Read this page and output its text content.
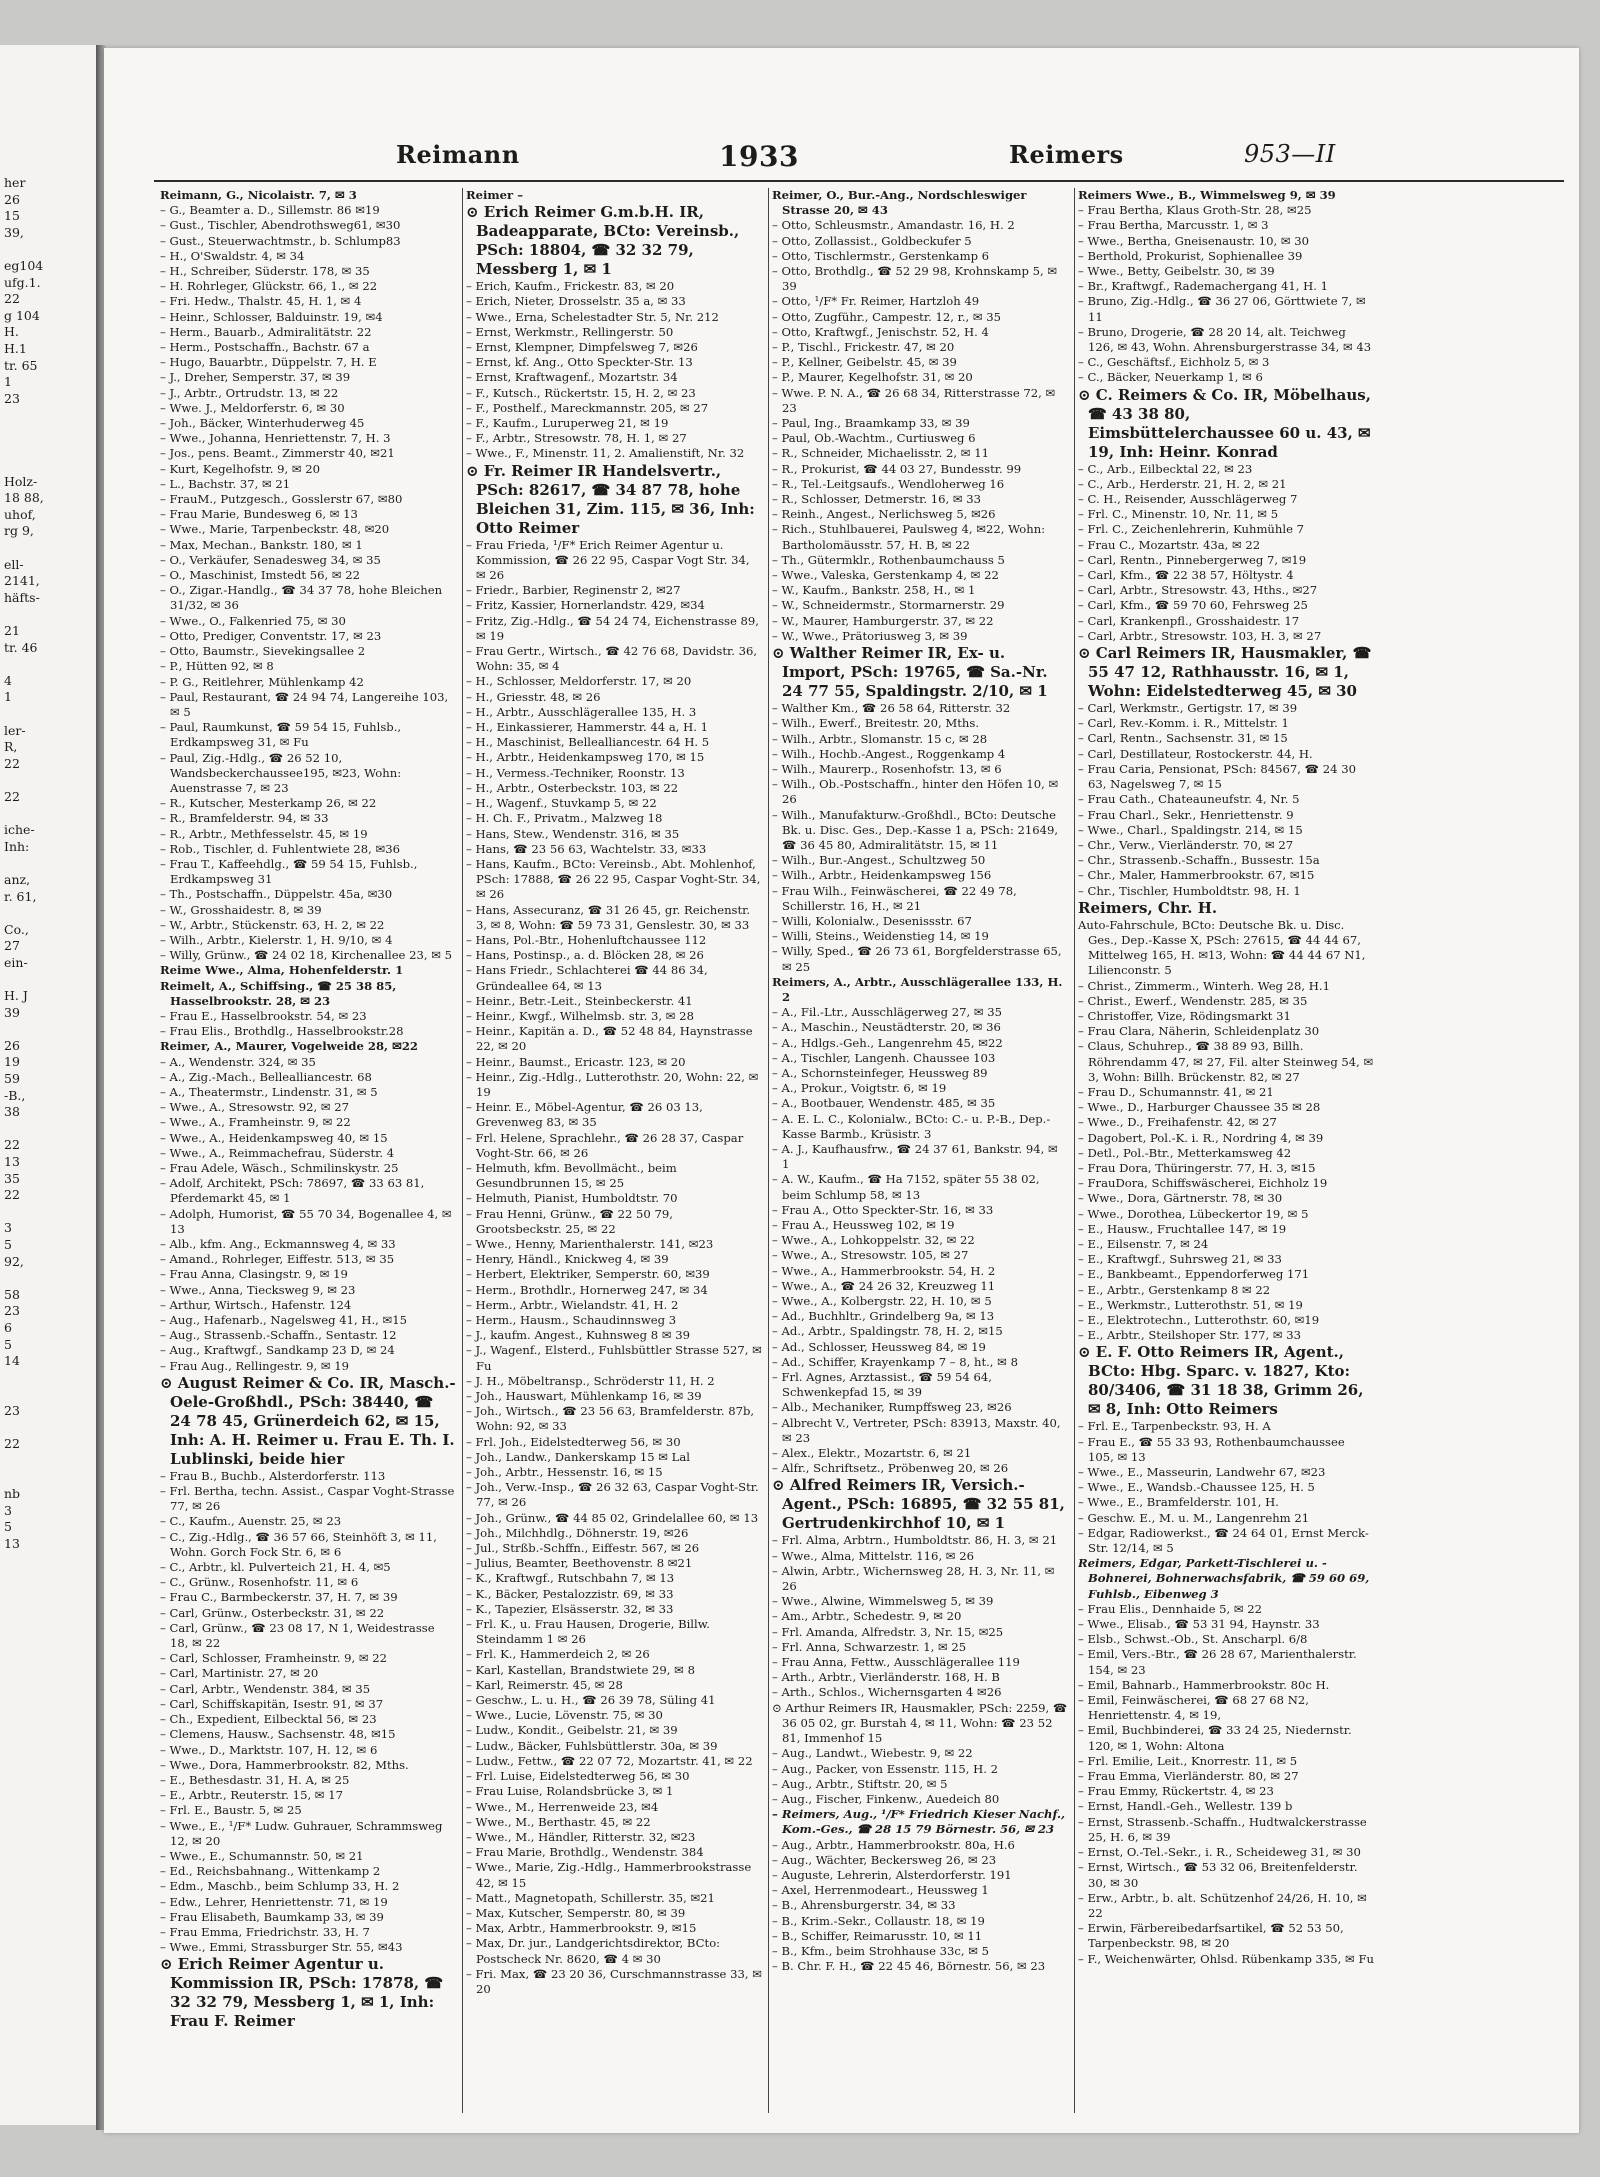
her
26
15
39,

eg104
ufg.1.
22
g 104
H.
H.1
tr. 65
1
23

Holz-
18 88,
uhof,
rg 9,

ell-
2141,
häfts-

21
tr. 46

4
1

ler-
R,
22

22

iche-
Inh:

anz,
r. 61,

Co.,
27
ein-

H. J
39

26
19
59
-B.,
38

22
13
35
22

3
5
92,

58
23
6
5
14

23

22

nb
3
5
13
Reimann	1933	Reimers	953—II

Reimann, G., Nicolaistr. 7, ✉ 3

– G., Beamter a. D., Sillemstr. 86 ✉19

– Gust., Tischler, Abendrothsweg61, ✉30

– Gust., Steuerwachtmstr., b. Schlump83

– H., O'Swaldstr. 4, ✉ 34

– H., Schreiber, Süderstr. 178, ✉ 35

– H. Rohrleger, Glückstr. 66, 1., ✉ 22

– Fri. Hedw., Thalstr. 45, H. 1, ✉ 4

– Heinr., Schlosser, Balduinstr. 19, ✉4

– Herm., Bauarb., Admiralitätstr. 22

– Herm., Postschaffn., Bachstr. 67 a

– Hugo, Bauarbtr., Düppelstr. 7, H. E

– J., Dreher, Semperstr. 37, ✉ 39

– J., Arbtr., Ortrudstr. 13, ✉ 22

– Wwe. J., Meldorferstr. 6, ✉ 30

– Joh., Bäcker, Winterhuderweg 45

– Wwe., Johanna, Henriettenstr. 7, H. 3

– Jos., pens. Beamt., Zimmerstr 40, ✉21

– Kurt, Kegelhofstr. 9, ✉ 20

– L., Bachstr. 37, ✉ 21

– FrauM., Putzgesch., Gosslerstr 67, ✉80

– Frau Marie, Bundesweg 6, ✉ 13

– Wwe., Marie, Tarpenbeckstr. 48, ✉20

– Max, Mechan., Bankstr. 180, ✉ 1

– O., Verkäufer, Senadesweg 34, ✉ 35

– O., Maschinist, Imstedt 56, ✉ 22

– O., Zigar.-Handlg., ☎ 34 37 78, hohe Bleichen 31/32, ✉ 36

– Wwe., O., Falkenried 75, ✉ 30

– Otto, Prediger, Conventstr. 17, ✉ 23

– Otto, Baumstr., Sievekingsallee 2

– P., Hütten 92, ✉ 8

– P. G., Reitlehrer, Mühlenkamp 42

– Paul, Restaurant, ☎ 24 94 74, Langereihe 103, ✉ 5

– Paul, Raumkunst, ☎ 59 54 15, Fuhlsb., Erdkampsweg 31, ✉ Fu

– Paul, Zig.-Hdlg., ☎ 26 52 10, Wandsbeckerchaussee195, ✉23, Wohn: Auenstrasse 7, ✉ 23

– R., Kutscher, Mesterkamp 26, ✉ 22

– R., Bramfelderstr. 94, ✉ 33

– R., Arbtr., Methfesselstr. 45, ✉ 19

– Rob., Tischler, d. Fuhlentwiete 28, ✉36

– Frau T., Kaffeehdlg., ☎ 59 54 15, Fuhlsb., Erdkampsweg 31

– Th., Postschaffn., Düppelstr. 45a, ✉30

– W., Grosshaidestr. 8, ✉ 39

– W., Arbtr., Stückenstr. 63, H. 2, ✉ 22

– Wilh., Arbtr., Kielerstr. 1, H. 9/10, ✉ 4

– Willy, Grünw., ☎ 24 02 18, Kirchenallee 23, ✉ 5

Reime Wwe., Alma, Hohenfelderstr. 1

Reimelt, A., Schiffsing., ☎ 25 38 85, Hasselbrookstr. 28, ✉ 23

– Frau E., Hasselbrookstr. 54, ✉ 23

– Frau Elis., Brothdlg., Hasselbrookstr.28

Reimer, A., Maurer, Vogelweide 28, ✉22

– A., Wendenstr. 324, ✉ 35

– A., Zig.-Mach., Bellealliancestr. 68

– A., Theatermstr., Lindenstr. 31, ✉ 5

– Wwe., A., Stresowstr. 92, ✉ 27

– Wwe., A., Framheinstr. 9, ✉ 22

– Wwe., A., Heidenkampsweg 40, ✉ 15

– Wwe., A., Reimmachefrau, Süderstr. 4

– Frau Adele, Wäsch., Schmilinskystr. 25

– Adolf, Architekt, PSch: 78697, ☎ 33 63 81, Pferdemarkt 45, ✉ 1

– Adolph, Humorist, ☎ 55 70 34, Bogenallee 4, ✉ 13

– Alb., kfm. Ang., Eckmannsweg 4, ✉ 33

– Amand., Rohrleger, Eiffestr. 513, ✉ 35

– Frau Anna, Clasingstr. 9, ✉ 19

– Wwe., Anna, Tiecksweg 9, ✉ 23

– Arthur, Wirtsch., Hafenstr. 124

– Aug., Hafenarb., Nagelsweg 41, H., ✉15

– Aug., Strassenb.-Schaffn., Sentastr. 12

– Aug., Kraftwgf., Sandkamp 23 D, ✉ 24

– Frau Aug., Rellingestr. 9, ✉ 19

⊙ August Reimer & Co. IR, Masch.-Oele-Großhdl., PSch: 38440, ☎ 24 78 45, Grünerdeich 62, ✉ 15, Inh: A. H. Reimer u. Frau E. Th. I. Lublinski, beide hier

– Frau B., Buchb., Alsterdorferstr. 113

– Frl. Bertha, techn. Assist., Caspar Voght-Strasse 77, ✉ 26

– C., Kaufm., Auenstr. 25, ✉ 23

– C., Zig.-Hdlg., ☎ 36 57 66, Steinhöft 3, ✉ 11, Wohn. Gorch Fock Str. 6, ✉ 6

– C., Arbtr., kl. Pulverteich 21, H. 4, ✉5

– C., Grünw., Rosenhofstr. 11, ✉ 6

– Frau C., Barmbeckerstr. 37, H. 7, ✉ 39

– Carl, Grünw., Osterbeckstr. 31, ✉ 22

– Carl, Grünw., ☎ 23 08 17, N 1, Weidestrasse 18, ✉ 22

– Carl, Schlosser, Framheinstr. 9, ✉ 22

– Carl, Martinistr. 27, ✉ 20

– Carl, Arbtr., Wendenstr. 384, ✉ 35

– Carl, Schiffskapitän, Isestr. 91, ✉ 37

– Ch., Expedient, Eilbecktal 56, ✉ 23

– Clemens, Hausw., Sachsenstr. 48, ✉15

– Wwe., D., Marktstr. 107, H. 12, ✉ 6

– Wwe., Dora, Hammerbrookstr. 82, Mths.

– E., Bethesdastr. 31, H. A, ✉ 25

– E., Arbtr., Reuterstr. 15, ✉ 17

– Frl. E., Baustr. 5, ✉ 25

– Wwe., E., ¹/F* Ludw. Guhrauer, Schrammsweg 12, ✉ 20

– Wwe., E., Schumannstr. 50, ✉ 21

– Ed., Reichsbahnang., Wittenkamp 2

– Edm., Maschb., beim Schlump 33, H. 2

– Edw., Lehrer, Henriettenstr. 71, ✉ 19

– Frau Elisabeth, Baumkamp 33, ✉ 39

– Frau Emma, Friedrichstr. 33, H. 7

– Wwe., Emmi, Strassburger Str. 55, ✉43

⊙ Erich Reimer Agentur u. Kommission IR, PSch: 17878, ☎ 32 32 79, Messberg 1, ✉ 1, Inh: Frau F. Reimer

Reimer –

⊙ Erich Reimer G.m.b.H. IR, Badeapparate, BCto: Vereinsb., PSch: 18804, ☎ 32 32 79, Messberg 1, ✉ 1

– Erich, Kaufm., Frickestr. 83, ✉ 20

– Erich, Nieter, Drosselstr. 35 a, ✉ 33

– Wwe., Erna, Schelestadter Str. 5, Nr. 212

– Ernst, Werkmstr., Rellingerstr. 50

– Ernst, Klempner, Dimpfelsweg 7, ✉26

– Ernst, kf. Ang., Otto Speckter-Str. 13

– Ernst, Kraftwagenf., Mozartstr. 34

– F., Kutsch., Rückertstr. 15, H. 2, ✉ 23

– F., Posthelf., Mareckmannstr. 205, ✉ 27

– F., Kaufm., Luruperweg 21, ✉ 19

– F., Arbtr., Stresowstr. 78, H. 1, ✉ 27

– Wwe., F., Minenstr. 11, 2. Amalienstift, Nr. 32

⊙ Fr. Reimer IR Handelsvertr., PSch: 82617, ☎ 34 87 78, hohe Bleichen 31, Zim. 115, ✉ 36, Inh: Otto Reimer

– Frau Frieda, ¹/F* Erich Reimer Agentur u. Kommission, ☎ 26 22 95, Caspar Vogt Str. 34, ✉ 26

– Friedr., Barbier, Reginenstr 2, ✉27

– Fritz, Kassier, Hornerlandstr. 429, ✉34

– Fritz, Zig.-Hdlg., ☎ 54 24 74, Eichenstrasse 89, ✉ 19

– Frau Gertr., Wirtsch., ☎ 42 76 68, Davidstr. 36, Wohn: 35, ✉ 4

– H., Schlosser, Meldorferstr. 17, ✉ 20

– H., Griesstr. 48, ✉ 26

– H., Arbtr., Ausschlägerallee 135, H. 3

– H., Einkassierer, Hammerstr. 44 a, H. 1

– H., Maschinist, Bellealliancestr. 64 H. 5

– H., Arbtr., Heidenkampsweg 170, ✉ 15

– H., Vermess.-Techniker, Roonstr. 13

– H., Arbtr., Osterbeckstr. 103, ✉ 22

– H., Wagenf., Stuvkamp 5, ✉ 22

– H. Ch. F., Privatm., Malzweg 18

– Hans, Stew., Wendenstr. 316, ✉ 35

– Hans, ☎ 23 56 63, Wachtelstr. 33, ✉33

– Hans, Kaufm., BCto: Vereinsb., Abt. Mohlenhof, PSch: 17888, ☎ 26 22 95, Caspar Voght-Str. 34, ✉ 26

– Hans, Assecuranz, ☎ 31 26 45, gr. Reichenstr. 3, ✉ 8, Wohn: ☎ 59 73 31, Genslestr. 30, ✉ 33

– Hans, Pol.-Btr., Hohenluftchaussee 112

– Hans, Postinsp., a. d. Blöcken 28, ✉ 26

– Hans Friedr., Schlachterei ☎ 44 86 34, Gründeallee 64, ✉ 13

– Heinr., Betr.-Leit., Steinbeckerstr. 41

– Heinr., Kwgf., Wilhelmsb. str. 3, ✉ 28

– Heinr., Kapitän a. D., ☎ 52 48 84, Haynstrasse 22, ✉ 20

– Heinr., Baumst., Ericastr. 123, ✉ 20

– Heinr., Zig.-Hdlg., Lutterothstr. 20, Wohn: 22, ✉ 19

– Heinr. E., Möbel-Agentur, ☎ 26 03 13, Grevenweg 83, ✉ 35

– Frl. Helene, Sprachlehr., ☎ 26 28 37, Caspar Voght-Str. 66, ✉ 26

– Helmuth, kfm. Bevollmächt., beim Gesundbrunnen 15, ✉ 25

– Helmuth, Pianist, Humboldtstr. 70

– Frau Henni, Grünw., ☎ 22 50 79, Grootsbeckstr. 25, ✉ 22

– Wwe., Henny, Marienthalerstr. 141, ✉23

– Henry, Händl., Knickweg 4, ✉ 39

– Herbert, Elektriker, Semperstr. 60, ✉39

– Herm., Brothdlr., Hornerweg 247, ✉ 34

– Herm., Arbtr., Wielandstr. 41, H. 2

– Herm., Hausm., Schaudinnsweg 3

– J., kaufm. Angest., Kuhnsweg 8 ✉ 39

– J., Wagenf., Elsterd., Fuhlsbüttler Strasse 527, ✉ Fu

– J. H., Möbeltransp., Schröderstr 11, H. 2

– Joh., Hauswart, Mühlenkamp 16, ✉ 39

– Joh., Wirtsch., ☎ 23 56 63, Bramfelderstr. 87b, Wohn: 92, ✉ 33

– Frl. Joh., Eidelstedterweg 56, ✉ 30

– Joh., Landw., Dankerskamp 15 ✉ Lal

– Joh., Arbtr., Hessenstr. 16, ✉ 15

– Joh., Verw.-Insp., ☎ 26 32 63, Caspar Voght-Str. 77, ✉ 26

– Joh., Grünw., ☎ 44 85 02, Grindelallee 60, ✉ 13

– Joh., Milchhdlg., Döhnerstr. 19, ✉26

– Jul., Strßb.-Schffn., Eiffestr. 567, ✉ 26

– Julius, Beamter, Beethovenstr. 8 ✉21

– K., Kraftwgf., Rutschbahn 7, ✉ 13

– K., Bäcker, Pestalozzistr. 69, ✉ 33

– K., Tapezier, Elsässerstr. 32, ✉ 33

– Frl. K., u. Frau Hausen, Drogerie, Billw. Steindamm 1 ✉ 26

– Frl. K., Hammerdeich 2, ✉ 26

– Karl, Kastellan, Brandstwiete 29, ✉ 8

– Karl, Reimerstr. 45, ✉ 28

– Geschw., L. u. H., ☎ 26 39 78, Süling 41

– Wwe., Lucie, Lövenstr. 75, ✉ 30

– Ludw., Kondit., Geibelstr. 21, ✉ 39

– Ludw., Bäcker, Fuhlsbüttlerstr. 30a, ✉ 39

– Ludw., Fettw., ☎ 22 07 72, Mozartstr. 41, ✉ 22

– Frl. Luise, Eidelstedterweg 56, ✉ 30

– Frau Luise, Rolandsbrücke 3, ✉ 1

– Wwe., M., Herrenweide 23, ✉4

– Wwe., M., Berthastr. 45, ✉ 22

– Wwe., M., Händler, Ritterstr. 32, ✉23

– Frau Marie, Brothdlg., Wendenstr. 384

– Wwe., Marie, Zig.-Hdlg., Hammerbrookstrasse 42, ✉ 15

– Matt., Magnetopath, Schillerstr. 35, ✉21

– Max, Kutscher, Semperstr. 80, ✉ 39

– Max, Arbtr., Hammerbrookstr. 9, ✉15

– Max, Dr. jur., Landgerichtsdirektor, BCto: Postscheck Nr. 8620, ☎ 4 ✉ 30

– Fri. Max, ☎ 23 20 36, Curschmannstrasse 33, ✉ 20

Reimer, O., Bur.-Ang., Nordschleswiger Strasse 20, ✉ 43

– Otto, Schleusmstr., Amandastr. 16, H. 2

– Otto, Zollassist., Goldbeckufer 5

– Otto, Tischlermstr., Gerstenkamp 6

– Otto, Brothdlg., ☎ 52 29 98, Krohnskamp 5, ✉ 39

– Otto, ¹/F* Fr. Reimer, Hartzloh 49

– Otto, Zugführ., Campestr. 12, r., ✉ 35

– Otto, Kraftwgf., Jenischstr. 52, H. 4

– P., Tischl., Frickestr. 47, ✉ 20

– P., Kellner, Geibelstr. 45, ✉ 39

– P., Maurer, Kegelhofstr. 31, ✉ 20

– Wwe. P. N. A., ☎ 26 68 34, Ritterstrasse 72, ✉ 23

– Paul, Ing., Braamkamp 33, ✉ 39

– Paul, Ob.-Wachtm., Curtiusweg 6

– R., Schneider, Michaelisstr. 2, ✉ 11

– R., Prokurist, ☎ 44 03 27, Bundesstr. 99

– R., Tel.-Leitgsaufs., Wendloherweg 16

– R., Schlosser, Detmerstr. 16, ✉ 33

– Reinh., Angest., Nerlichsweg 5, ✉26

– Rich., Stuhlbauerei, Paulsweg 4, ✉22, Wohn: Bartholomäusstr. 57, H. B, ✉ 22

– Th., Gütermklr., Rothenbaumchauss 5

– Wwe., Valeska, Gerstenkamp 4, ✉ 22

– W., Kaufm., Bankstr. 258, H., ✉ 1

– W., Schneidermstr., Stormarnerstr. 29

– W., Maurer, Hamburgerstr. 37, ✉ 22

– W., Wwe., Prätoriusweg 3, ✉ 39

⊙ Walther Reimer IR, Ex- u. Import, PSch: 19765, ☎ Sa.-Nr. 24 77 55, Spaldingstr. 2/10, ✉ 1

– Walther Km., ☎ 26 58 64, Ritterstr. 32

– Wilh., Ewerf., Breitestr. 20, Mths.

– Wilh., Arbtr., Slomanstr. 15 c, ✉ 28

– Wilh., Hochb.-Angest., Roggenkamp 4

– Wilh., Maurerp., Rosenhofstr. 13, ✉ 6

– Wilh., Ob.-Postschaffn., hinter den Höfen 10, ✉ 26

– Wilh., Manufakturw.-Großhdl., BCto: Deutsche Bk. u. Disc. Ges., Dep.-Kasse 1 a, PSch: 21649, ☎ 36 45 80, Admiralitätstr. 15, ✉ 11

– Wilh., Bur.-Angest., Schultzweg 50

– Wilh., Arbtr., Heidenkampsweg 156

– Frau Wilh., Feinwäscherei, ☎ 22 49 78, Schillerstr. 16, H., ✉ 21

– Willi, Kolonialw., Desenissstr. 67

– Willi, Steins., Weidenstieg 14, ✉ 19

– Willy, Sped., ☎ 26 73 61, Borgfelderstrasse 65, ✉ 25

Reimers, A., Arbtr., Ausschlägerallee 133, H. 2

– A., Fil.-Ltr., Ausschlägerweg 27, ✉ 35

– A., Maschin., Neustädterstr. 20, ✉ 36

– A., Hdlgs.-Geh., Langenrehm 45, ✉22

– A., Tischler, Langenh. Chaussee 103

– A., Schornsteinfeger, Heussweg 89

– A., Prokur., Voigtstr. 6, ✉ 19

– A., Bootbauer, Wendenstr. 485, ✉ 35

– A. E. L. C., Kolonialw., BCto: C.- u. P.-B., Dep.-Kasse Barmb., Krüsistr. 3

– A. J., Kaufhausfrw., ☎ 24 37 61, Bankstr. 94, ✉ 1

– A. W., Kaufm., ☎ Ha 7152, später 55 38 02, beim Schlump 58, ✉ 13

– Frau A., Otto Speckter-Str. 16, ✉ 33

– Frau A., Heussweg 102, ✉ 19

– Wwe., A., Lohkoppelstr. 32, ✉ 22

– Wwe., A., Stresowstr. 105, ✉ 27

– Wwe., A., Hammerbrookstr. 54, H. 2

– Wwe., A., ☎ 24 26 32, Kreuzweg 11

– Wwe., A., Kolbergstr. 22, H. 10, ✉ 5

– Ad., Buchhltr., Grindelberg 9a, ✉ 13

– Ad., Arbtr., Spaldingstr. 78, H. 2, ✉15

– Ad., Schlosser, Heussweg 84, ✉ 19

– Ad., Schiffer, Krayenkamp 7 – 8, ht., ✉ 8

– Frl. Agnes, Arztassist., ☎ 59 54 64, Schwenkepfad 15, ✉ 39

– Alb., Mechaniker, Rumpffsweg 23, ✉26

– Albrecht V., Vertreter, PSch: 83913, Maxstr. 40, ✉ 23

– Alex., Elektr., Mozartstr. 6, ✉ 21

– Alfr., Schriftsetz., Pröbenweg 20, ✉ 26

⊙ Alfred Reimers IR, Versich.-Agent., PSch: 16895, ☎ 32 55 81, Gertrudenkirchhof 10, ✉ 1

– Frl. Alma, Arbtrn., Humboldtstr. 86, H. 3, ✉ 21

– Wwe., Alma, Mittelstr. 116, ✉ 26

– Alwin, Arbtr., Wichernsweg 28, H. 3, Nr. 11, ✉ 26

– Wwe., Alwine, Wimmelsweg 5, ✉ 39

– Am., Arbtr., Schedestr. 9, ✉ 20

– Frl. Amanda, Alfredstr. 3, Nr. 15, ✉25

– Frl. Anna, Schwarzestr. 1, ✉ 25

– Frau Anna, Fettw., Ausschlägerallee 119

– Arth., Arbtr., Vierländerstr. 168, H. B

– Arth., Schlos., Wichernsgarten 4 ✉26

⊙ Arthur Reimers IR, Hausmakler, PSch: 2259, ☎ 36 05 02, gr. Burstah 4, ✉ 11, Wohn: ☎ 23 52 81, Immenhof 15

– Aug., Landwt., Wiebestr. 9, ✉ 22

– Aug., Packer, von Essenstr. 115, H. 2

– Aug., Arbtr., Stiftstr. 20, ✉ 5

– Aug., Fischer, Finkenw., Auedeich 80

– Reimers, Aug., ¹/F* Friedrich Kieser Nachf., Kom.-Ges., ☎ 28 15 79 Börnestr. 56, ✉ 23

– Aug., Arbtr., Hammerbrookstr. 80a, H.6

– Aug., Wächter, Beckersweg 26, ✉ 23

– Auguste, Lehrerin, Alsterdorferstr. 191

– Axel, Herrenmodeart., Heussweg 1

– B., Ahrensburgerstr. 34, ✉ 33

– B., Krim.-Sekr., Collaustr. 18, ✉ 19

– B., Schiffer, Reimarusstr. 10, ✉ 11

– B., Kfm., beim Strohhause 33c, ✉ 5

– B. Chr. F. H., ☎ 22 45 46, Börnestr. 56, ✉ 23

Reimers Wwe., B., Wimmelsweg 9, ✉ 39

– Frau Bertha, Klaus Groth-Str. 28, ✉25

– Frau Bertha, Marcusstr. 1, ✉ 3

– Wwe., Bertha, Gneisenaustr. 10, ✉ 30

– Berthold, Prokurist, Sophienallee 39

– Wwe., Betty, Geibelstr. 30, ✉ 39

– Br., Kraftwgf., Rademachergang 41, H. 1

– Bruno, Zig.-Hdlg., ☎ 36 27 06, Görttwiete 7, ✉ 11

– Bruno, Drogerie, ☎ 28 20 14, alt. Teichweg 126, ✉ 43, Wohn. Ahrensburgerstrasse 34, ✉ 43

– C., Geschäftsf., Eichholz 5, ✉ 3

– C., Bäcker, Neuerkamp 1, ✉ 6

⊙ C. Reimers & Co. IR, Möbelhaus, ☎ 43 38 80, Eimsbüttelerchaussee 60 u. 43, ✉ 19, Inh: Heinr. Konrad

– C., Arb., Eilbecktal 22, ✉ 23

– C., Arb., Herderstr. 21, H. 2, ✉ 21

– C. H., Reisender, Ausschlägerweg 7

– Frl. C., Minenstr. 10, Nr. 11, ✉ 5

– Frl. C., Zeichenlehrerin, Kuhmühle 7

– Frau C., Mozartstr. 43a, ✉ 22

– Carl, Rentn., Pinnebergerweg 7, ✉19

– Carl, Kfm., ☎ 22 38 57, Höltystr. 4

– Carl, Arbtr., Stresowstr. 43, Hths., ✉27

– Carl, Kfm., ☎ 59 70 60, Fehrsweg 25

– Carl, Krankenpfl., Grosshaidestr. 17

– Carl, Arbtr., Stresowstr. 103, H. 3, ✉ 27

⊙ Carl Reimers IR, Hausmakler, ☎ 55 47 12, Rathhausstr. 16, ✉ 1, Wohn: Eidelstedterweg 45, ✉ 30

– Carl, Werkmstr., Gertigstr. 17, ✉ 39

– Carl, Rev.-Komm. i. R., Mittelstr. 1

– Carl, Rentn., Sachsenstr. 31, ✉ 15

– Carl, Destillateur, Rostockerstr. 44, H.

– Frau Caria, Pensionat, PSch: 84567, ☎ 24 30 63, Nagelsweg 7, ✉ 15

– Frau Cath., Chateauneufstr. 4, Nr. 5

– Frau Charl., Sekr., Henriettenstr. 9

– Wwe., Charl., Spaldingstr. 214, ✉ 15

– Chr., Verw., Vierländerstr. 70, ✉ 27

– Chr., Strassenb.-Schaffn., Bussestr. 15a

– Chr., Maler, Hammerbrookstr. 67, ✉15

– Chr., Tischler, Humboldtstr. 98, H. 1

Reimers, Chr. H.

Auto-Fahrschule, BCto: Deutsche Bk. u. Disc. Ges., Dep.-Kasse X, PSch: 27615, ☎ 44 44 67, Mittelweg 165, H. ✉13, Wohn: ☎ 44 44 67 N1, Lilienconstr. 5

– Christ., Zimmerm., Winterh. Weg 28, H.1

– Christ., Ewerf., Wendenstr. 285, ✉ 35

– Christoffer, Vize, Rödingsmarkt 31

– Frau Clara, Näherin, Schleidenplatz 30

– Claus, Schuhrep., ☎ 38 89 93, Billh. Röhrendamm 47, ✉ 27, Fil. alter Steinweg 54, ✉ 3, Wohn: Billh. Brückenstr. 82, ✉ 27

– Frau D., Schumannstr. 41, ✉ 21

– Wwe., D., Harburger Chaussee 35 ✉ 28

– Wwe., D., Freihafenstr. 42, ✉ 27

– Dagobert, Pol.-K. i. R., Nordring 4, ✉ 39

– Detl., Pol.-Btr., Metterkamsweg 42

– Frau Dora, Thüringerstr. 77, H. 3, ✉15

– FrauDora, Schiffswäscherei, Eichholz 19

– Wwe., Dora, Gärtnerstr. 78, ✉ 30

– Wwe., Dorothea, Lübeckertor 19, ✉ 5

– E., Hausw., Fruchtallee 147, ✉ 19

– E., Eilsenstr. 7, ✉ 24

– E., Kraftwgf., Suhrsweg 21, ✉ 33

– E., Bankbeamt., Eppendorferweg 171

– E., Arbtr., Gerstenkamp 8 ✉ 22

– E., Werkmstr., Lutterothstr. 51, ✉ 19

– E., Elektrotechn., Lutterothstr. 60, ✉19

– E., Arbtr., Steilshoper Str. 177, ✉ 33

⊙ E. F. Otto Reimers IR, Agent., BCto: Hbg. Sparc. v. 1827, Kto: 80/3406, ☎ 31 18 38, Grimm 26, ✉ 8, Inh: Otto Reimers

– Frl. E., Tarpenbeckstr. 93, H. A

– Frau E., ☎ 55 33 93, Rothenbaumchaussee 105, ✉ 13

– Wwe., E., Masseurin, Landwehr 67, ✉23

– Wwe., E., Wandsb.-Chaussee 125, H. 5

– Wwe., E., Bramfelderstr. 101, H.

– Geschw. E., M. u. M., Langenrehm 21

– Edgar, Radiowerkst., ☎ 24 64 01, Ernst Merck-Str. 12/14, ✉ 5

Reimers, Edgar, Parkett-Tischlerei u. -Bohnerei, Bohnerwachsfabrik, ☎ 59 60 69, Fuhlsb., Eibenweg 3

– Frau Elis., Dennhaide 5, ✉ 22

– Wwe., Elisab., ☎ 53 31 94, Haynstr. 33

– Elsb., Schwst.-Ob., St. Anscharpl. 6/8

– Emil, Vers.-Btr., ☎ 26 28 67, Marienthalerstr. 154, ✉ 23

– Emil, Bahnarb., Hammerbrookstr. 80c H.

– Emil, Feinwäscherei, ☎ 68 27 68 N2, Henriettenstr. 4, ✉ 19,

– Emil, Buchbinderei, ☎ 33 24 25, Niedernstr. 120, ✉ 1, Wohn: Altona

– Frl. Emilie, Leit., Knorrestr. 11, ✉ 5

– Frau Emma, Vierländerstr. 80, ✉ 27

– Frau Emmy, Rückertstr. 4, ✉ 23

– Ernst, Handl.-Geh., Wellestr. 139 b

– Ernst, Strassenb.-Schaffn., Hudtwalckerstrasse 25, H. 6, ✉ 39

– Ernst, O.-Tel.-Sekr., i. R., Scheideweg 31, ✉ 30

– Ernst, Wirtsch., ☎ 53 32 06, Breitenfelderstr. 30, ✉ 30

– Erw., Arbtr., b. alt. Schützenhof 24/26, H. 10, ✉ 22

– Erwin, Färbereibedarfsartikel, ☎ 52 53 50, Tarpenbeckstr. 98, ✉ 20

– F., Weichenwärter, Ohlsd. Rübenkamp 335, ✉ Fu
